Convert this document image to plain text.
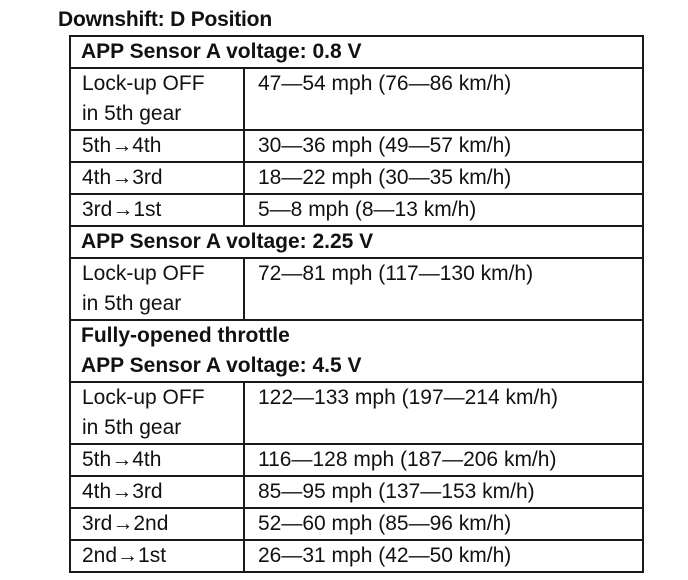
Downshift: D Position
APP Sensor A voltage: 0.8 V	

Lock-up OFF
in 5th gear	47—54 mph (76—86 km/h)

5th→4th	30—36 mph (49—57 km/h)

4th→3rd	18—22 mph (30—35 km/h)

3rd→1st	5—8 mph (8—13 km/h)

APP Sensor A voltage: 2.25 V	

Lock-up OFF
in 5th gear	72—81 mph (117—130 km/h)

Fully-opened throttle
APP Sensor A voltage: 4.5 V	

Lock-up OFF
in 5th gear	122—133 mph (197—214 km/h)

5th→4th	116—128 mph (187—206 km/h)

4th→3rd	85—95 mph (137—153 km/h)

3rd→2nd	52—60 mph (85—96 km/h)

2nd→1st	26—31 mph (42—50 km/h)
